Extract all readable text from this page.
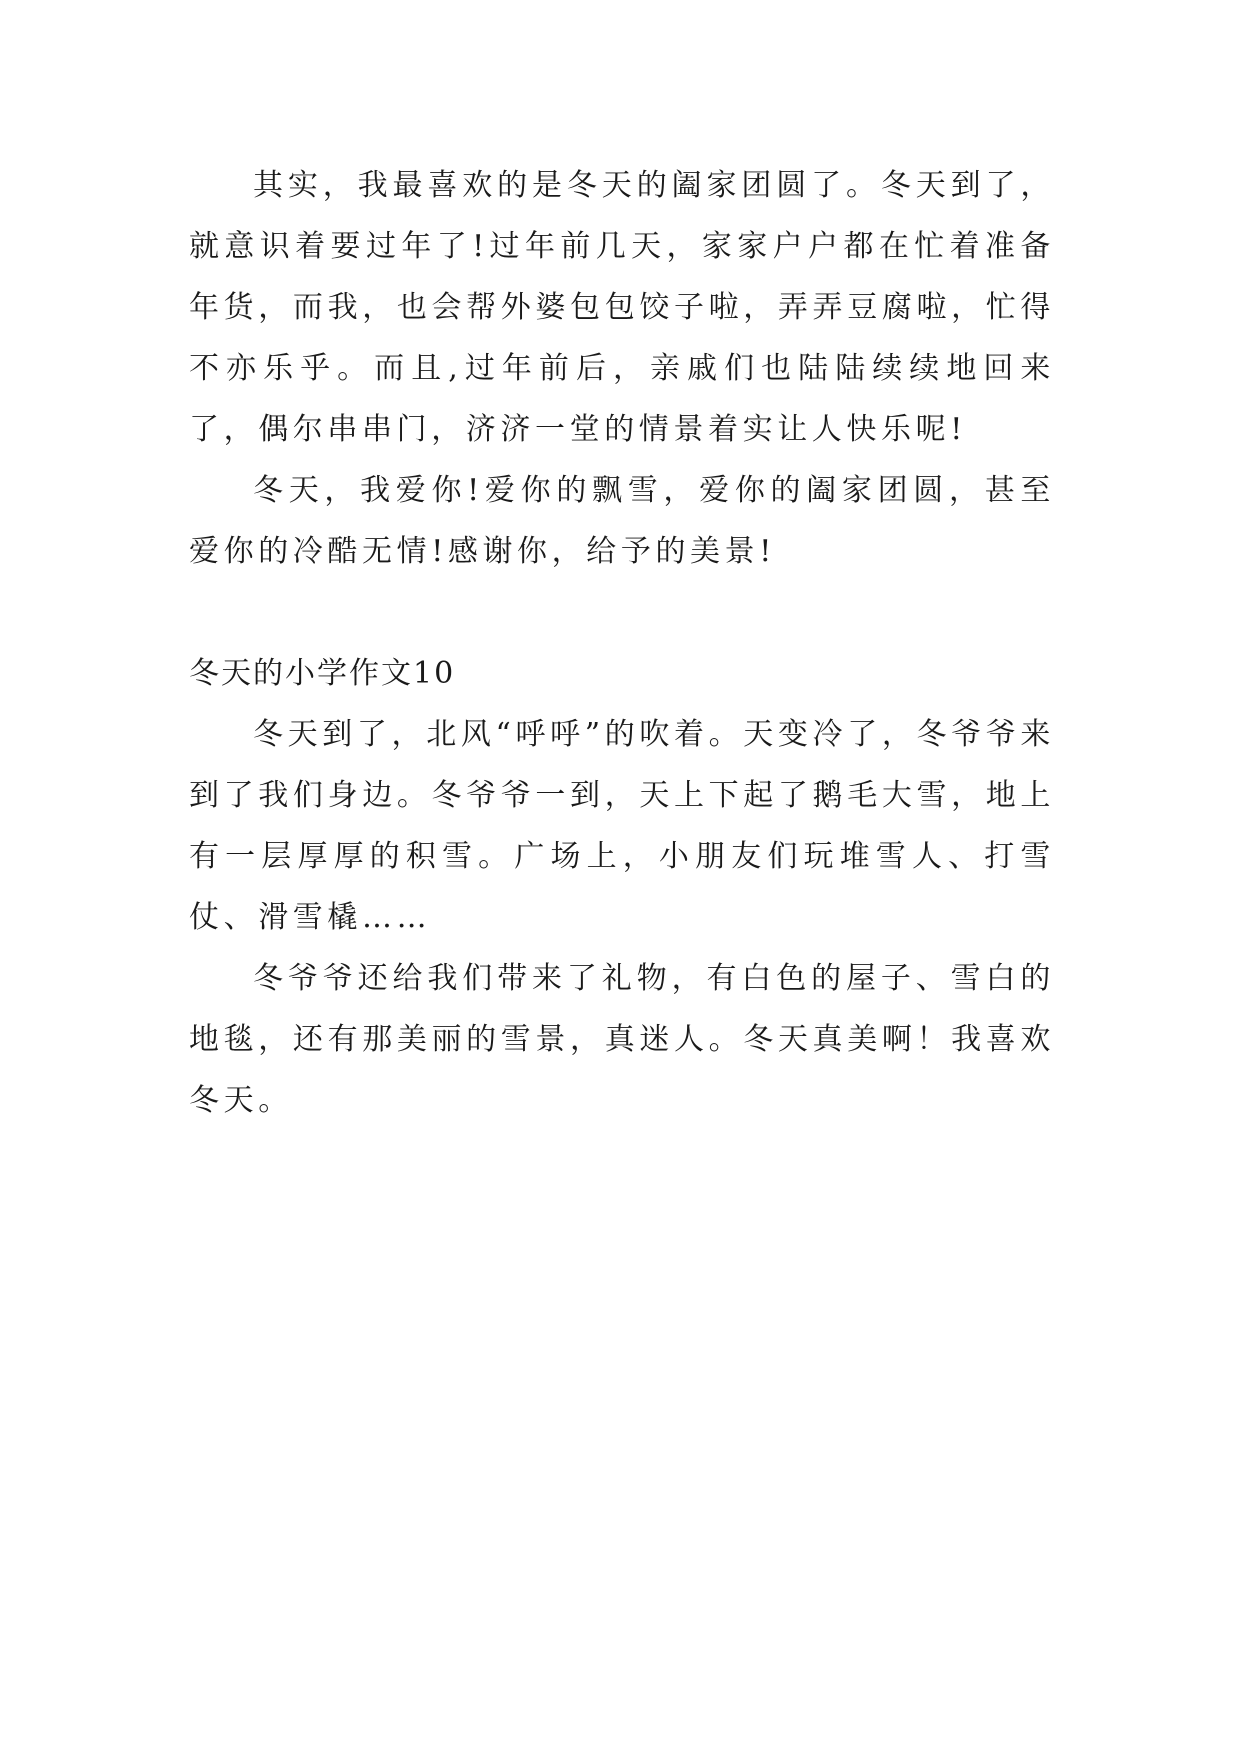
其实，我最喜欢的是冬天的阖家团圆了。冬天到了，就意识着要过年了!过年前几天，家家户户都在忙着准备年货，而我，也会帮外婆包包饺子啦，弄弄豆腐啦，忙得不亦乐乎。而且,过年前后，亲戚们也陆陆续续地回来了，偶尔串串门，济济一堂的情景着实让人快乐呢!

冬天，我爱你!爱你的飘雪，爱你的阖家团圆，甚至爱你的冷酷无情!感谢你，给予的美景!

冬天的小学作文10

冬天到了，北风“呼呼”的吹着。天变冷了，冬爷爷来到了我们身边。冬爷爷一到，天上下起了鹅毛大雪，地上有一层厚厚的积雪。广场上，小朋友们玩堆雪人、打雪仗、滑雪橇……

冬爷爷还给我们带来了礼物，有白色的屋子、雪白的地毯，还有那美丽的雪景，真迷人。冬天真美啊！我喜欢冬天。
